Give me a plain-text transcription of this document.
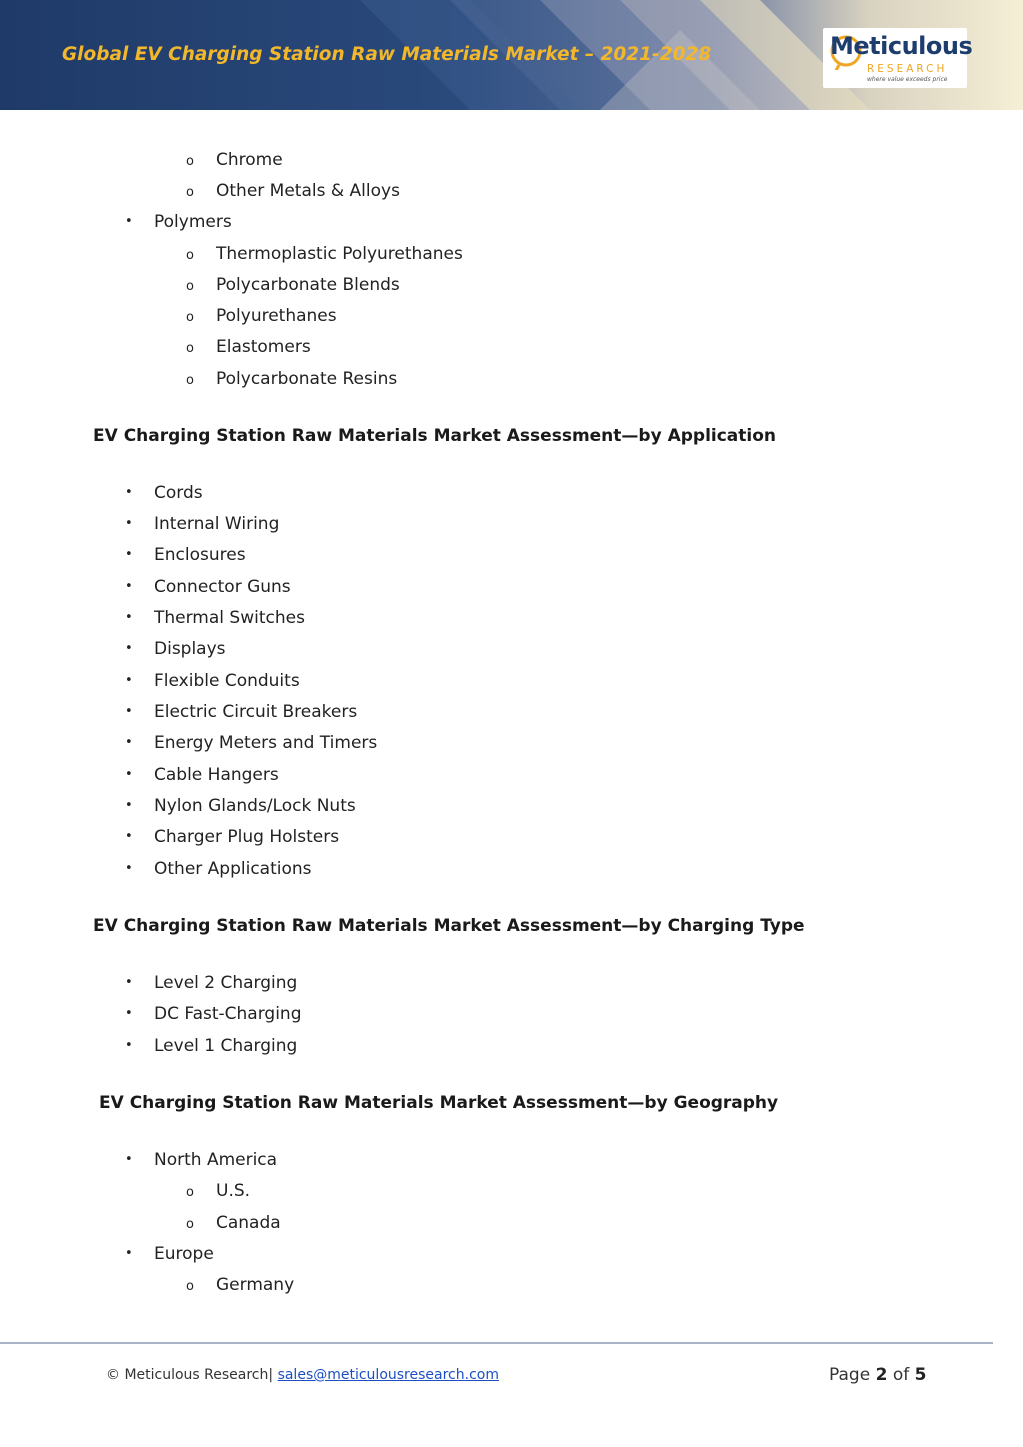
Global EV Charging Station Raw Materials Market – 2021-2028	Meticulous
RESEARCH
where value exceeds price
o Chrome
o Other Metals & Alloys
• Polymers
o Thermoplastic Polyurethanes
o Polycarbonate Blends
o Polyurethanes
o Elastomers
o Polycarbonate Resins
EV Charging Station Raw Materials Market Assessment—by Application
• Cords
• Internal Wiring
• Enclosures
• Connector Guns
• Thermal Switches
• Displays
• Flexible Conduits
• Electric Circuit Breakers
• Energy Meters and Timers
• Cable Hangers
• Nylon Glands/Lock Nuts
• Charger Plug Holsters
• Other Applications
EV Charging Station Raw Materials Market Assessment—by Charging Type
• Level 2 Charging
• DC Fast-Charging
• Level 1 Charging
EV Charging Station Raw Materials Market Assessment—by Geography
• North America
o U.S.
o Canada
• Europe
o Germany
© Meticulous Research| sales@meticulousresearch.com	Page 2 of 5
